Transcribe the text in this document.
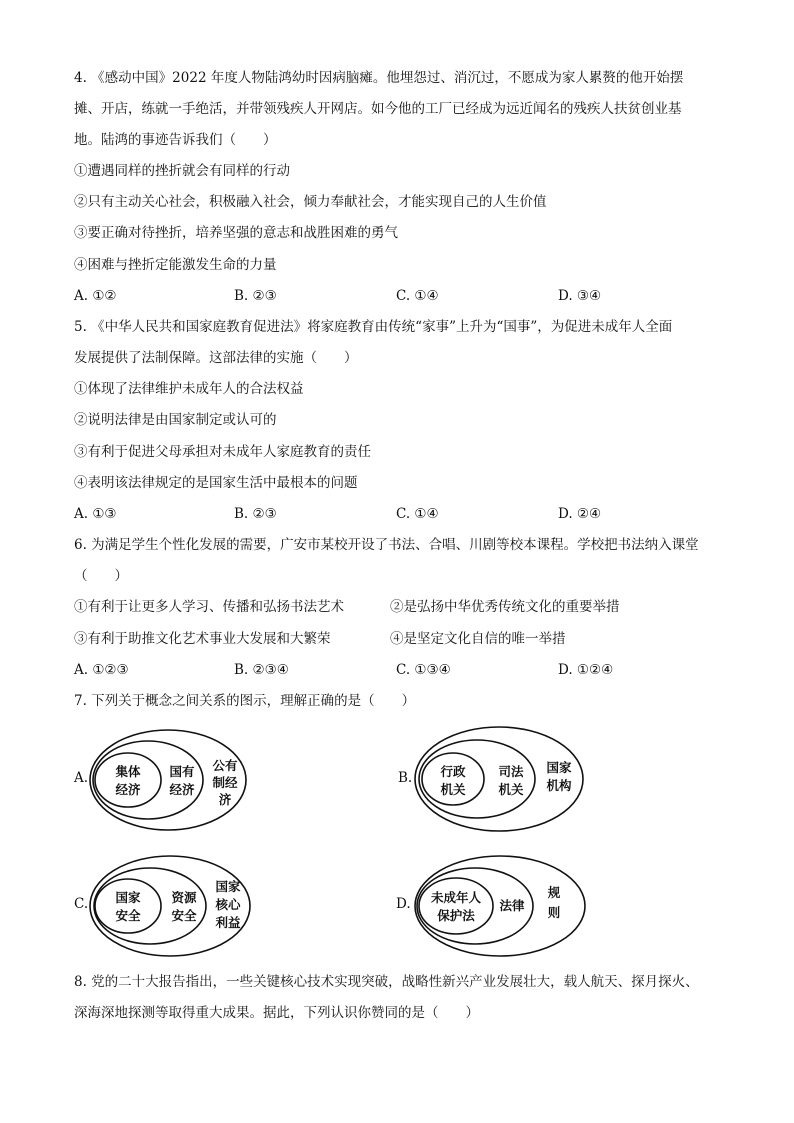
4. 《感动中国》2022 年度人物陆鸿幼时因病脑瘫。他埋怨过、消沉过，不愿成为家人累赘的他开始摆
摊、开店，练就一手绝活，并带领残疾人开网店。如今他的工厂已经成为远近闻名的残疾人扶贫创业基
地。陆鸿的事迹告诉我们（　　）
①遭遇同样的挫折就会有同样的行动
②只有主动关心社会，积极融入社会，倾力奉献社会，才能实现自己的人生价值
③要正确对待挫折，培养坚强的意志和战胜困难的勇气
④困难与挫折定能激发生命的力量
A. ①②	B. ②③	C. ①④	D. ③④
5. 《中华人民共和国家庭教育促进法》将家庭教育由传统“家事”上升为“国事”，为促进未成年人全面
发展提供了法制保障。这部法律的实施（　　）
①体现了法律维护未成年人的合法权益
②说明法律是由国家制定或认可的
③有利于促进父母承担对未成年人家庭教育的责任
④表明该法律规定的是国家生活中最根本的问题
A. ①③	B. ②③	C. ①④	D. ②④
6. 为满足学生个性化发展的需要，广安市某校开设了书法、合唱、川剧等校本课程。学校把书法纳入课堂
（　　）
①有利于让更多人学习、传播和弘扬书法艺术	②是弘扬中华优秀传统文化的重要举措
③有利于助推文化艺术事业大发展和大繁荣	④是坚定文化自信的唯一举措
A. ①②③	B. ②③④	C. ①③④	D. ①②④
7. 下列关于概念之间关系的图示，理解正确的是（　　）
A. 集体
经济
国有
经济
公有
制经
济
B. 行政
机关
司法
机关
国家
机构
C. 国家
安全
资源
安全
国家
核心
利益
D. 未成年人
保护法
法律
规
则
8. 党的二十大报告指出，一些关键核心技术实现突破，战略性新兴产业发展壮大，载人航天、探月探火、
深海深地探测等取得重大成果。据此，下列认识你赞同的是（　　）
